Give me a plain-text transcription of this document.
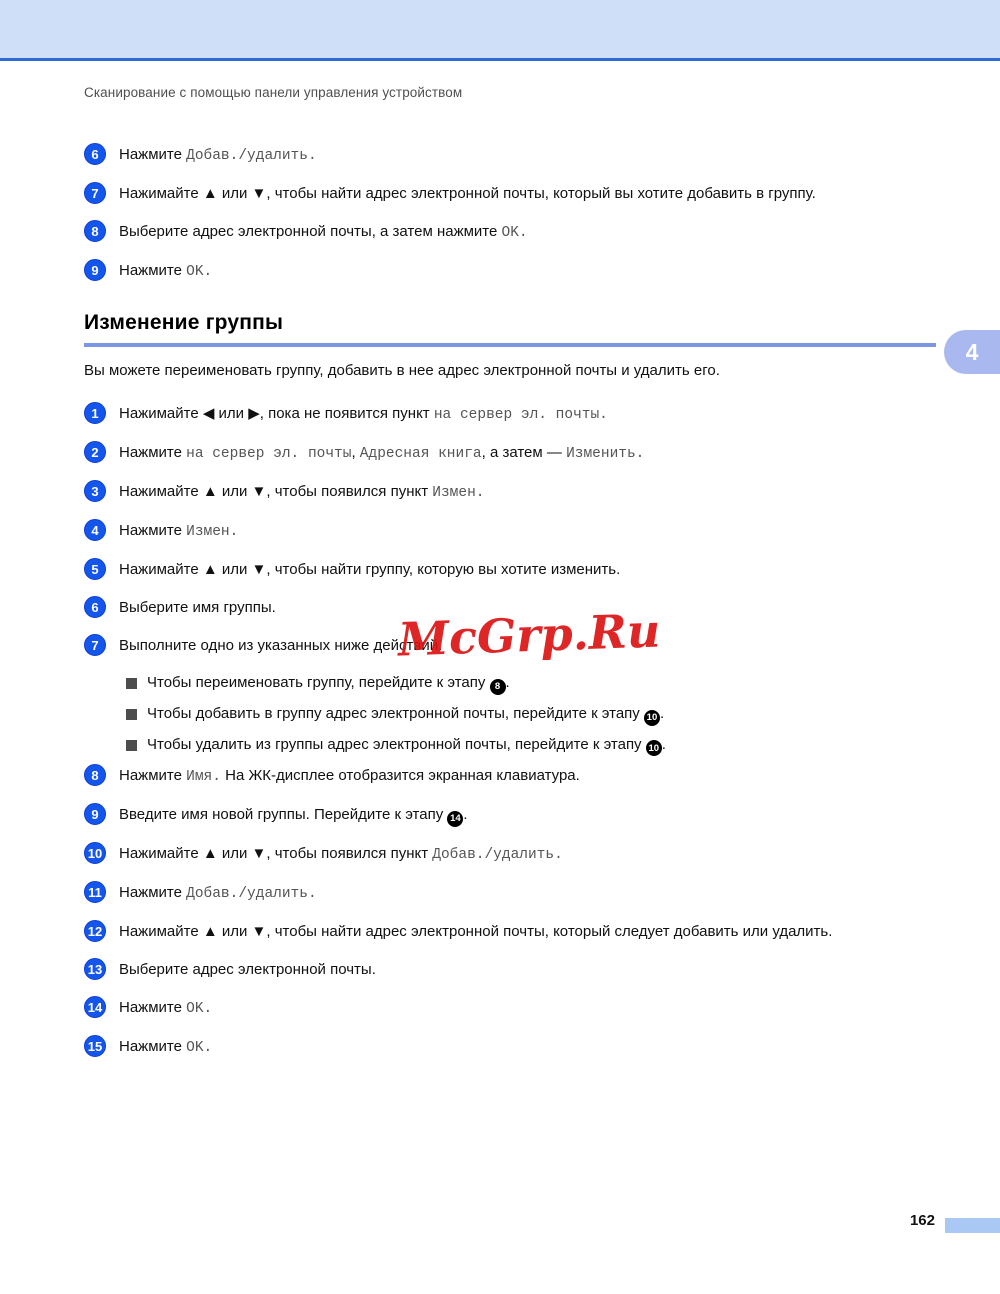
Сканирование с помощью панели управления устройством
4
6	Нажмите Добав./удалить.
7	Нажимайте ▲ или ▼, чтобы найти адрес электронной почты, который вы хотите добавить в группу.
8	Выберите адрес электронной почты, а затем нажмите OK.
9	Нажмите OK.
Изменение группы

Вы можете переименовать группу, добавить в нее адрес электронной почты и удалить его.

1	Нажимайте ◀ или ▶, пока не появится пункт на сервер эл. почты.
2	Нажмите на сервер эл. почты, Адресная книга, а затем — Изменить.
3	Нажимайте ▲ или ▼, чтобы появился пункт Измен.
4	Нажмите Измен.
5	Нажимайте ▲ или ▼, чтобы найти группу, которую вы хотите изменить.
6	Выберите имя группы.
7	Выполните одно из указанных ниже действий.
Чтобы переименовать группу, перейдите к этапу 8 .
Чтобы добавить в группу адрес электронной почты, перейдите к этапу 10 .
Чтобы удалить из группы адрес электронной почты, перейдите к этапу 10 .
8	Нажмите Имя. На ЖК-дисплее отобразится экранная клавиатура.
9	Введите имя новой группы. Перейдите к этапу 14 .
10 Нажимайте ▲ или ▼, чтобы появился пункт Добав./удалить.
11 Нажмите Добав./удалить.
12 Нажимайте ▲ или ▼, чтобы найти адрес электронной почты, который следует добавить или удалить.
13 Выберите адрес электронной почты.
14 Нажмите OK.
15 Нажмите OK.
McGrp.Ru
162
